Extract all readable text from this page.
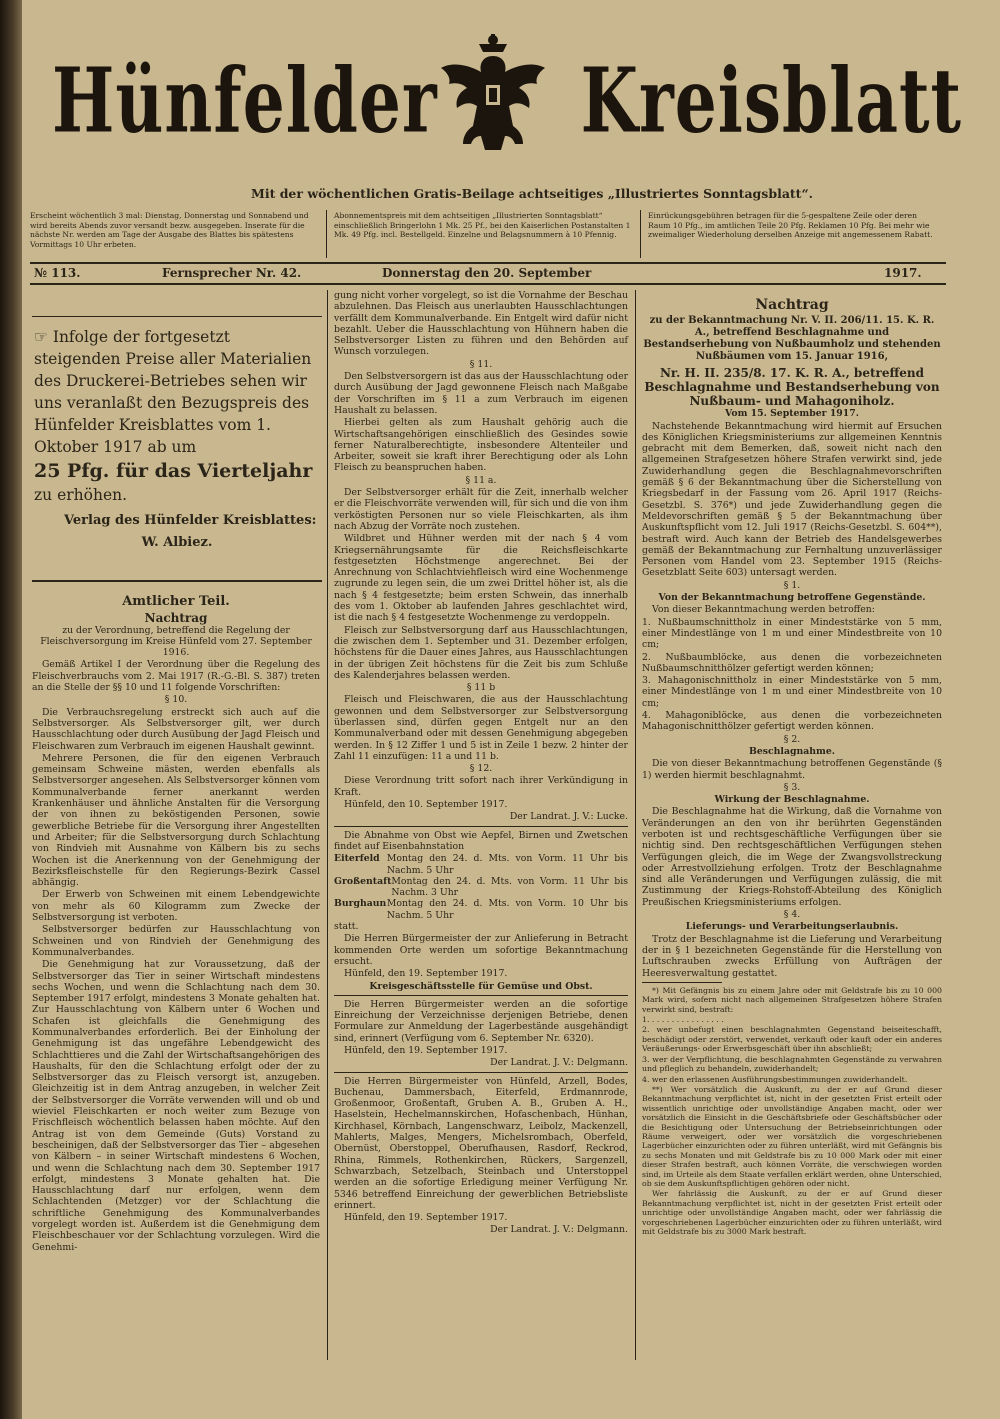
Hünfelder Kreisblatt
Mit der wöchentlichen Gratis-Beilage achtseitiges „Illustriertes Sonntagsblatt“.
Erscheint wöchentlich 3 mal: Dienstag, Donnerstag und Sonnabend und wird bereits Abends zuvor versandt bezw. ausgegeben. Inserate für die nächste Nr. werden am Tage der Ausgabe des Blattes bis spätestens Vormittags 10 Uhr erbeten.
Abonnementspreis mit dem achtseitigen „Illustrierten Sonntagsblatt“ einschließlich Bringerlohn 1 Mk. 25 Pf., bei den Kaiserlichen Postanstalten 1 Mk. 49 Pfg. incl. Bestellgeld. Einzelne und Belagsnummern à 10 Pfennig.
Einrückungsgebühren betragen für die 5-gespaltene Zeile oder deren Raum 10 Pfg., im amtlichen Teile 20 Pfg. Reklamen 10 Pfg. Bei mehr wie zweimaliger Wiederholung derselben Anzeige mit angemessenem Rabatt.
№ 113.	Fernsprecher Nr. 42.	Donnerstag den 20. September	1917.
☞ Infolge der fortgesetzt steigenden Preise aller Materialien des Druckerei-Betriebes sehen wir uns veranlaßt den Bezugspreis des Hünfelder Kreisblattes vom 1. Oktober 1917 ab um
25 Pfg. für das Vierteljahr
zu erhöhen.
Verlag des Hünfelder Kreisblattes:
W. Albiez.
Amtlicher Teil.
Nachtrag

zu der Verordnung, betreffend die Regelung der Fleischversorgung im Kreise Hünfeld vom 27. September 1916.

Gemäß Artikel I der Verordnung über die Regelung des Fleischverbrauchs vom 2. Mai 1917 (R.-G.-Bl. S. 387) treten an die Stelle der §§ 10 und 11 folgende Vorschriften:

§ 10.

Die Verbrauchsregelung erstreckt sich auch auf die Selbstversorger. Als Selbstversorger gilt, wer durch Hausschlachtung oder durch Ausübung der Jagd Fleisch und Fleischwaren zum Verbrauch im eigenen Haushalt gewinnt.

Mehrere Personen, die für den eigenen Verbrauch gemeinsam Schweine mästen, werden ebenfalls als Selbstversorger angesehen. Als Selbstversorger können vom Kommunalverbande ferner anerkannt werden Krankenhäuser und ähnliche Anstalten für die Versorgung der von ihnen zu beköstigenden Personen, sowie gewerbliche Betriebe für die Versorgung ihrer Angestellten und Arbeiter; für die Selbstversorgung durch Schlachtung von Rindvieh mit Ausnahme von Kälbern bis zu sechs Wochen ist die Anerkennung von der Genehmigung der Bezirksfleischstelle für den Regierungs-Bezirk Cassel abhängig.

Der Erwerb von Schweinen mit einem Lebendgewichte von mehr als 60 Kilogramm zum Zwecke der Selbstversorgung ist verboten.

Selbstversorger bedürfen zur Hausschlachtung von Schweinen und von Rindvieh der Genehmigung des Kommunalverbandes.

Die Genehmigung hat zur Voraussetzung, daß der Selbstversorger das Tier in seiner Wirtschaft mindestens sechs Wochen, und wenn die Schlachtung nach dem 30. September 1917 erfolgt, mindestens 3 Monate gehalten hat. Zur Hausschlachtung von Kälbern unter 6 Wochen und Schafen ist gleichfalls die Genehmigung des Kommunalverbandes erforderlich. Bei der Einholung der Genehmigung ist das ungefähre Lebendgewicht des Schlachttieres und die Zahl der Wirtschaftsangehörigen des Haushalts, für den die Schlachtung erfolgt oder der zu Selbstversorger das zu Fleisch versorgt ist, anzugeben. Gleichzeitig ist in dem Antrag anzugeben, in welcher Zeit der Selbstversorger die Vorräte verwenden will und ob und wieviel Fleischkarten er noch weiter zum Bezuge von Frischfleisch wöchentlich belassen haben möchte. Auf den Antrag ist von dem Gemeinde (Guts) Vorstand zu bescheinigen, daß der Selbstversorger das Tier – abgesehen von Kälbern – in seiner Wirtschaft mindestens 6 Wochen, und wenn die Schlachtung nach dem 30. September 1917 erfolgt, mindestens 3 Monate gehalten hat. Die Hausschlachtung darf nur erfolgen, wenn dem Schlachtenden (Metzger) vor der Schlachtung die schriftliche Genehmigung des Kommunalverbandes vorgelegt worden ist. Außerdem ist die Genehmigung dem Fleischbeschauer vor der Schlachtung vorzulegen. Wird die Genehmi-

gung nicht vorher vorgelegt, so ist die Vornahme der Beschau abzulehnen. Das Fleisch aus unerlaubten Hausschlachtungen verfällt dem Kommunalverbande. Ein Entgelt wird dafür nicht bezahlt. Ueber die Hausschlachtung von Hühnern haben die Selbstversorger Listen zu führen und den Behörden auf Wunsch vorzulegen.

§ 11.

Den Selbstversorgern ist das aus der Hausschlachtung oder durch Ausübung der Jagd gewonnene Fleisch nach Maßgabe der Vorschriften im § 11 a zum Verbrauch im eigenen Haushalt zu belassen.

Hierbei gelten als zum Haushalt gehörig auch die Wirtschaftsangehörigen einschließlich des Gesindes sowie ferner Naturalberechtigte, insbesondere Altenteiler und Arbeiter, soweit sie kraft ihrer Berechtigung oder als Lohn Fleisch zu beanspruchen haben.

§ 11 a.

Der Selbstversorger erhält für die Zeit, innerhalb welcher er die Fleischvorräte verwenden will, für sich und die von ihm verköstigten Personen nur so viele Fleischkarten, als ihm nach Abzug der Vorräte noch zustehen.

Wildbret und Hühner werden mit der nach § 4 vom Kriegsernährungsamte für die Reichsfleischkarte festgesetzten Höchstmenge angerechnet. Bei der Anrechnung von Schlachtviehfleisch wird eine Wochenmenge zugrunde zu legen sein, die um zwei Drittel höher ist, als die nach § 4 festgesetzte; beim ersten Schwein, das innerhalb des vom 1. Oktober ab laufenden Jahres geschlachtet wird, ist die nach § 4 festgesetzte Wochenmenge zu verdoppeln.

Fleisch zur Selbstversorgung darf aus Hausschlachtungen, die zwischen dem 1. September und 31. Dezember erfolgen, höchstens für die Dauer eines Jahres, aus Hausschlachtungen in der übrigen Zeit höchstens für die Zeit bis zum Schluße des Kalenderjahres belassen werden.

§ 11 b

Fleisch und Fleischwaren, die aus der Hausschlachtung gewonnen und dem Selbstversorger zur Selbstversorgung überlassen sind, dürfen gegen Entgelt nur an den Kommunalverband oder mit dessen Genehmigung abgegeben werden. In § 12 Ziffer 1 und 5 ist in Zeile 1 bezw. 2 hinter der Zahl 11 einzufügen: 11 a und 11 b.

§ 12.

Diese Verordnung tritt sofort nach ihrer Verkündigung in Kraft.

Hünfeld, den 10. September 1917.

Der Landrat. J. V.: Lucke.

Die Abnahme von Obst wie Aepfel, Birnen und Zwetschen findet auf Eisenbahnstation

Eiterfeld Montag den 24. d. Mts. von Vorm. 11 Uhr bis Nachm. 5 Uhr
Großentaft Montag den 24. d. Mts. von Vorm. 11 Uhr bis Nachm. 3 Uhr
Burghaun Montag den 24. d. Mts. von Vorm. 10 Uhr bis Nachm. 5 Uhr

statt.

Die Herren Bürgermeister der zur Anlieferung in Betracht kommenden Orte werden um sofortige Bekanntmachung ersucht.

Hünfeld, den 19. September 1917.

Kreisgeschäftsstelle für Gemüse und Obst.

Die Herren Bürgermeister werden an die sofortige Einreichung der Verzeichnisse derjenigen Betriebe, denen Formulare zur Anmeldung der Lagerbestände ausgehändigt sind, erinnert (Verfügung vom 6. September Nr. 6320).

Hünfeld, den 19. September 1917.

Der Landrat. J. V.: Delgmann.

Die Herren Bürgermeister von Hünfeld, Arzell, Bodes, Buchenau, Dammersbach, Eiterfeld, Erdmannrode, Großenmoor, Großentaft, Gruben A. B., Gruben A. H., Haselstein, Hechelmannskirchen, Hofaschenbach, Hünhan, Kirchhasel, Körnbach, Langenschwarz, Leibolz, Mackenzell, Mahlerts, Malges, Mengers, Michelsrombach, Oberfeld, Obernüst, Oberstoppel, Oberufhausen, Rasdorf, Reckrod, Rhina, Rimmels, Rothenkirchen, Rückers, Sargenzell, Schwarzbach, Setzelbach, Steinbach und Unterstoppel werden an die sofortige Erledigung meiner Verfügung Nr. 5346 betreffend Einreichung der gewerblichen Betriebsliste erinnert.

Hünfeld, den 19. September 1917.

Der Landrat. J. V.: Delgmann.

Nachtrag
zu der Bekanntmachung Nr. V. II. 206/11. 15. K. R. A., betreffend Beschlagnahme und Bestandserhebung von Nußbaumholz und stehenden Nußbäumen vom 15. Januar 1916,
Nr. H. II. 235/8. 17. K. R. A., betreffend Beschlagnahme und Bestandserhebung von Nußbaum- und Mahagoniholz.

Vom 15. September 1917.

Nachstehende Bekanntmachung wird hiermit auf Ersuchen des Königlichen Kriegsministeriums zur allgemeinen Kenntnis gebracht mit dem Bemerken, daß, soweit nicht nach den allgemeinen Strafgesetzen höhere Strafen verwirkt sind, jede Zuwiderhandlung gegen die Beschlagnahmevorschriften gemäß § 6 der Bekanntmachung über die Sicherstellung von Kriegsbedarf in der Fassung vom 26. April 1917 (Reichs-Gesetzbl. S. 376*) und jede Zuwiderhandlung gegen die Meldevorschriften gemäß § 5 der Bekanntmachung über Auskunftspflicht vom 12. Juli 1917 (Reichs-Gesetzbl. S. 604**), bestraft wird. Auch kann der Betrieb des Handelsgewerbes gemäß der Bekanntmachung zur Fernhaltung unzuverlässiger Personen vom Handel vom 23. September 1915 (Reichs-Gesetzblatt Seite 603) untersagt werden.

§ 1.

Von der Bekanntmachung betroffene Gegenstände.

Von dieser Bekanntmachung werden betroffen:

1. Nußbaumschnittholz in einer Mindeststärke von 5 mm, einer Mindestlänge von 1 m und einer Mindestbreite von 10 cm;

2. Nußbaumblöcke, aus denen die vorbezeichneten Nußbaumschnitthölzer gefertigt werden können;

3. Mahagonischnittholz in einer Mindeststärke von 5 mm, einer Mindestlänge von 1 m und einer Mindestbreite von 10 cm;

4. Mahagoniblöcke, aus denen die vorbezeichneten Mahagonischnitthölzer gefertigt werden können.

§ 2.

Beschlagnahme.

Die von dieser Bekanntmachung betroffenen Gegenstände (§ 1) werden hiermit beschlagnahmt.

§ 3.

Wirkung der Beschlagnahme.

Die Beschlagnahme hat die Wirkung, daß die Vornahme von Veränderungen an den von ihr berührten Gegenständen verboten ist und rechtsgeschäftliche Verfügungen über sie nichtig sind. Den rechtsgeschäftlichen Verfügungen stehen Verfügungen gleich, die im Wege der Zwangsvollstreckung oder Arrestvollziehung erfolgen. Trotz der Beschlagnahme sind alle Veränderungen und Verfügungen zulässig, die mit Zustimmung der Kriegs-Rohstoff-Abteilung des Königlich Preußischen Kriegsministeriums erfolgen.

§ 4.

Lieferungs- und Verarbeitungserlaubnis.

Trotz der Beschlagnahme ist die Lieferung und Verarbeitung der in § 1 bezeichneten Gegenstände für die Herstellung von Luftschrauben zwecks Erfüllung von Aufträgen der Heeresverwaltung gestattet.

*) Mit Gefängnis bis zu einem Jahre oder mit Geldstrafe bis zu 10 000 Mark wird, sofern nicht nach allgemeinen Strafgesetzen höhere Strafen verwirkt sind, bestraft:

1. . . . . . . . . . . . . . . .

2. wer unbefugt einen beschlagnahmten Gegenstand beiseiteschafft, beschädigt oder zerstört, verwendet, verkauft oder kauft oder ein anderes Veräußerungs- oder Erwerbsgeschäft über ihn abschließt;

3. wer der Verpflichtung, die beschlagnahmten Gegenstände zu verwahren und pfleglich zu behandeln, zuwiderhandelt;

4. wer den erlassenen Ausführungsbestimmungen zuwiderhandelt.

**) Wer vorsätzlich die Auskunft, zu der er auf Grund dieser Bekanntmachung verpflichtet ist, nicht in der gesetzten Frist erteilt oder wissentlich unrichtige oder unvollständige Angaben macht, oder wer vorsätzlich die Einsicht in die Geschäftsbriefe oder Geschäftsbücher oder die Besichtigung oder Untersuchung der Betriebseinrichtungen oder Räume verweigert, oder wer vorsätzlich die vorgeschriebenen Lagerbücher einzurichten oder zu führen unterläßt, wird mit Gefängnis bis zu sechs Monaten und mit Geldstrafe bis zu 10 000 Mark oder mit einer dieser Strafen bestraft, auch können Vorräte, die verschwiegen worden sind, im Urteile als dem Staate verfallen erklärt werden, ohne Unterschied, ob sie dem Auskunftspflichtigen gehören oder nicht.

Wer fahrlässig die Auskunft, zu der er auf Grund dieser Bekanntmachung verpflichtet ist, nicht in der gesetzten Frist erteilt oder unrichtige oder unvollständige Angaben macht, oder wer fahrlässig die vorgeschriebenen Lagerbücher einzurichten oder zu führen unterläßt, wird mit Geldstrafe bis zu 3000 Mark bestraft.
